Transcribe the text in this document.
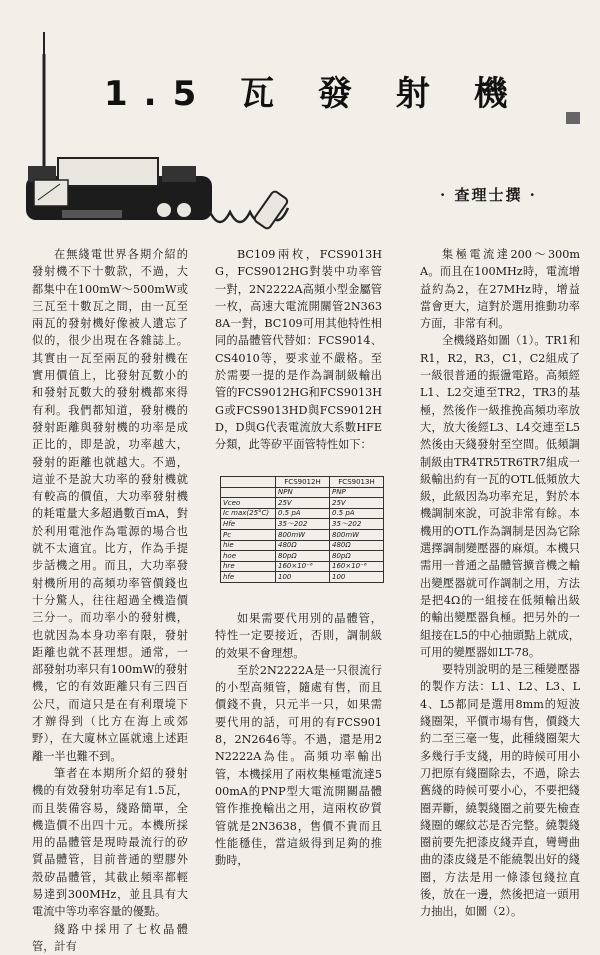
1.5 瓦 發 射 機
· 查理士撰 ·

在無綫電世界各期介紹的發射機不下十數款，不過，大都集中在100mW～500mW或三瓦至十數瓦之間，由一瓦至兩瓦的發射機好像被人遺忘了似的，很少出現在各雜誌上。其實由一瓦至兩瓦的發射機在實用價值上，比發射瓦數小的和發射瓦數大的發射機都來得有利。我們都知道，發射機的發射距離與發射機的功率是成正比的，即是說，功率越大，發射的距離也就越大。不過，這並不是說大功率的發射機就有較高的價值，大功率發射機的耗電量大多超過數百mA，對於利用電池作為電源的場合也就不太適宜。比方，作為手提步話機之用。而且，大功率發射機所用的高頻功率管價錢也十分驚人，往往超過全機造價三分一。而功率小的發射機，也就因為本身功率有限，發射距離也就不甚理想。通常，一部發射功率只有100mW的發射機，它的有效距離只有三四百公尺，而這只是在有利環境下才辦得到（比方在海上或郊野），在大廈林立區就遠上述距離一半也難不到。

筆者在本期所介紹的發射機的有效發射功率足有1.5瓦，而且裝備容易，綫路簡單，全機造價不出四十元。本機所採用的晶體管是現時最流行的矽質晶體管，目前普通的塑膠外殼矽晶體管，其截止頻率都輕易達到300MHz，並且具有大電流中等功率容量的優點。

綫路中採用了七枚晶體管，計有

BC109兩枚，FCS9013HG，FCS9012HG對裝中功率管一對，2N2222A高頻小型金屬管一枚，高速大電流開關管2N3638A一對，BC109可用其他特性相同的晶體管代替如：FCS9014、CS4010等，要求並不嚴格。至於需要一提的是作為調制級輸出管的FCS9012HG和FCS9013HG或FCS9013HD與FCS9012HD，D與G代表電流放大系數HFE分類，此等矽平面管特性如下：

	FCS9012H	FCS9013H
	NPN	PNP
Vceo	25V	25V
Ic max(25°C)	0.5 pA	0.5 pA
Hfe	35～202	35～202
Pc	800mW	800mW
hie	480Ω	480Ω
hoe	80pΩ	80pΩ
hre	160×10⁻⁶	160×10⁻⁶
hfe	100	100

如果需要代用別的晶體管，特性一定要接近，否則，調制級的效果不會理想。

至於2N2222A是一只很流行的小型高頻管，隨處有售，而且價錢不貴，只元半一只，如果需要代用的話，可用的有FCS9018，2N2646等。不過，還是用2N2222A為佳。高頻功率輸出管，本機採用了兩枚集極電流達500mA的PNP型大電流開關晶體管作推挽輸出之用，這兩枚矽質管就是2N3638，售價不貴而且性能穩佳，當這級得到足夠的推動時，

集極電流達200～300mA。而且在100MHz時，電流增益約為2，在27MHz時，增益當會更大，這對於選用推動功率方面，非常有利。

全機綫路如圖（1）。TR1和R1，R2，R3，C1，C2組成了一級很普通的振盪電路。高頻經L1、L2交連至TR2，TR3的基極，然後作一級推挽高頻功率放大，放大後經L3、L4交連至L5然後由天綫發射至空間。低頻調制級由TR4TR5TR6TR7組成一級輸出約有一瓦的OTL低頻放大級，此級因為功率充足，對於本機調制來說，可說非常有餘。本機用的OTL作為調制是因為它除選擇調制變壓器的麻煩。本機只需用一普通之晶體管擴音機之輸出變壓器就可作調制之用，方法是把4Ω的一組接在低頻輸出級的輸出變壓器負極。把另外的一組接在L5的中心抽頭點上就成，可用的變壓器如LT-78。

要特別說明的是三種變壓器的製作方法：L1、L2、L3、L4、L5都同是選用8mm的短波綫圈架，平價市場有售，價錢大約二至三毫一隻，此種綫圈架大多幾行手支綫，用的時候可用小刀把原有綫圈除去，不過，除去舊綫的時候可要小心，不要把綫圈弄斷，繞製綫圈之前要先檢查綫圈的螺紋芯是否完整。繞製綫圈前要先把漆皮綫弄直，彎彎曲曲的漆皮綫是不能繞製出好的綫圈，方法是用一條漆包綫拉直後，放在一邊，然後把這一頭用力抽出，如圖（2）。
